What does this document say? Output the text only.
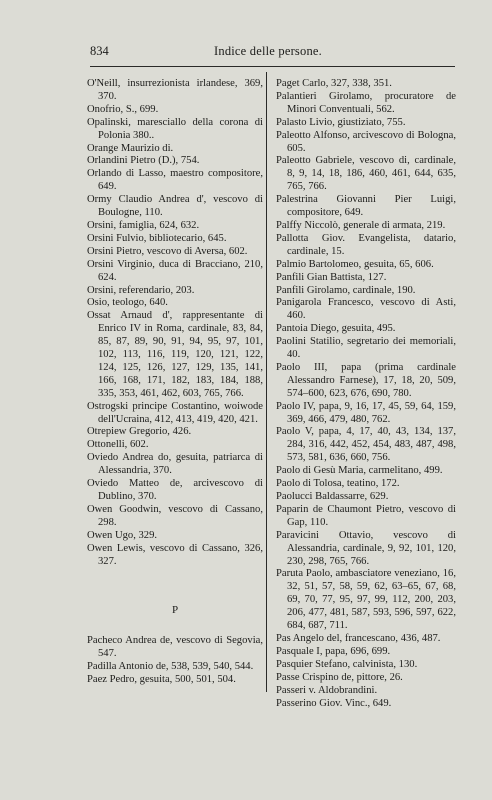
834	Indice delle persone.

O'Neill, insurrezionista irlandese, 369, 370.

Onofrio, S., 699.

Opalinski, maresciallo della corona di Polonia 380..

Orange Maurizio di.

Orlandini Pietro (D.), 754.

Orlando di Lasso, maestro compositore, 649.

Ormy Claudio Andrea d', vescovo di Boulogne, 110.

Orsini, famiglia, 624, 632.

Orsini Fulvio, bibliotecario, 645.

Orsini Pietro, vescovo di Aversa, 602.

Orsini Virginio, duca di Bracciano, 210, 624.

Orsini, referendario, 203.

Osio, teologo, 640.

Ossat Arnaud d', rappresentante di Enrico IV in Roma, cardinale, 83, 84, 85, 87, 89, 90, 91, 94, 95, 97, 101, 102, 113, 116, 119, 120, 121, 122, 124, 125, 126, 127, 129, 135, 141, 166, 168, 171, 182, 183, 184, 188, 335, 353, 461, 462, 603, 765, 766.

Ostrogski principe Costantino, woiwode dell'Ucraina, 412, 413, 419, 420, 421.

Otrepiew Gregorio, 426.

Ottonelli, 602.

Oviedo Andrea do, gesuita, patriarca di Alessandria, 370.

Oviedo Matteo de, arcivescovo di Dublino, 370.

Owen Goodwin, vescovo di Cassano, 298.

Owen Ugo, 329.

Owen Lewis, vescovo di Cassano, 326, 327.

P

Pacheco Andrea de, vescovo di Segovia, 547.

Padilla Antonio de, 538, 539, 540, 544.

Paez Pedro, gesuita, 500, 501, 504.

Paget Carlo, 327, 338, 351.

Palantieri Girolamo, procuratore de Minori Conventuali, 562.

Palasto Livio, giustiziato, 755.

Paleotto Alfonso, arcivescovo di Bologna, 605.

Paleotto Gabriele, vescovo di, cardinale, 8, 9, 14, 18, 186, 460, 461, 644, 635, 765, 766.

Palestrina Giovanni Pier Luigi, compositore, 649.

Palffy Niccolò, generale di armata, 219.

Pallotta Giov. Evangelista, datario, cardinale, 15.

Palmio Bartolomeo, gesuita, 65, 606.

Panfili Gian Battista, 127.

Panfili Girolamo, cardinale, 190.

Panigarola Francesco, vescovo di Asti, 460.

Pantoia Diego, gesuita, 495.

Paolini Statilio, segretario dei memoriali, 40.

Paolo III, papa (prima cardinale Alessandro Farnese), 17, 18, 20, 509, 574–600, 623, 676, 690, 780.

Paolo IV, papa, 9, 16, 17, 45, 59, 64, 159, 369, 466, 479, 480, 762.

Paolo V, papa, 4, 17, 40, 43, 134, 137, 284, 316, 442, 452, 454, 483, 487, 498, 573, 581, 636, 660, 756.

Paolo di Gesù Maria, carmelitano, 499.

Paolo di Tolosa, teatino, 172.

Paolucci Baldassarre, 629.

Paparin de Chaumont Pietro, vescovo di Gap, 110.

Paravicini Ottavio, vescovo di Alessandria, cardinale, 9, 92, 101, 120, 230, 298, 765, 766.

Paruta Paolo, ambasciatore veneziano, 16, 32, 51, 57, 58, 59, 62, 63–65, 67, 68, 69, 70, 77, 95, 97, 99, 112, 200, 203, 206, 477, 481, 587, 593, 596, 597, 622, 684, 687, 711.

Pas Angelo del, francescano, 436, 487.

Pasquale I, papa, 696, 699.

Pasquier Stefano, calvinista, 130.

Passe Crispino de, pittore, 26.

Passeri v. Aldobrandini.

Passerino Giov. Vinc., 649.
